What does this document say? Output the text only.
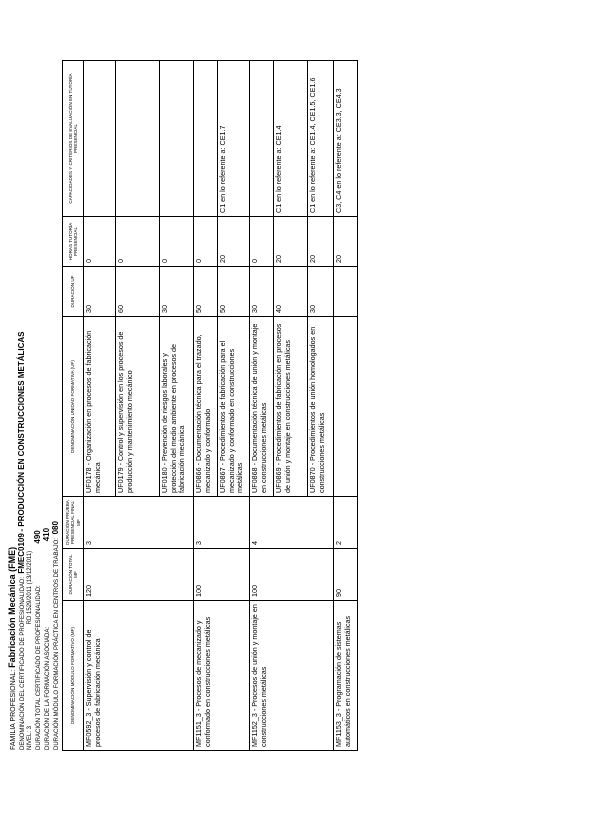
FAMILIA PROFESIONAL: Fabricación Mecánica (FME) DENOMINACIÓN DEL CERTIFICADO DE PROFESIONALIDAD:  FMEC0109 - PRODUCCIÓN EN CONSTRUCCIONES METÁLICAS
NIVEL: 3 RD 1529/2011 (13/12/2011) DURACIÓN TOTAL CERTIFICADO DE PROFESIONALIDAD: 490
DURACIÓN DE LA FORMACIÓN ASOCIADA: 410
DURACIÓN MÓDULO FORMACIÓN PRÁCTICA EN CENTROS DE TRABAJO: 080
DENOMINACIÓN MÓDULO FORMATIVO (MF)	DURACIÓN TOTAL MF	DURACIÓN PRUEBA PRESENCIAL FINAL MF	DENOMINACIÓN UNIDAD FORMATIVA (UF)	DURACIÓN UF	HORAS TUTORÍA PRESENCIAL	CAPACIDADES Y CRITERIOS DE EVALUACIÓN EN TUTORÍA PRESENCIAL
MF0592_3 - Supervisión y control de procesos de fabricación mecánica	120	3	UF0178 - Organización en procesos de fabricación mecánica	30	0	
			UF0179 - Control y supervisión en los procesos de producción y mantenimiento mecánico	60	0	
			UF0180 - Prevención de riesgos laborales y protección del medio ambiente en procesos de fabricación mecánica	30	0	
MF1151_3 - Procesos de mecanizado y conformado en construcciones metálicas	100	3	UF0866 - Documentación técnica para el trazado, mecanizado y conformado	50	0	
			UF0867 - Procedimientos de fabricación para el mecanizado y conformado en construcciones metálicas	50	20	C1 en lo referente a: CE1.7
MF1152_3 - Procesos de unión y montaje en construcciones metálicas	100	4	UF0868 - Documentación técnica de unión y montaje en construcciones metálicas	30	0	
			UF0869 - Procedimientos de fabricación en procesos de unión y montaje en construcciones metálicas	40	20	C1 en lo referente a: CE1.4
			UF0870 - Procedimientos de unión homologados en construcciones metálicas	30	20	C1 en lo referente a: CE1.4, CE1.5, CE1.6
MF1153_3 - Programación de sistemas automáticos en construcciones metálicas	90	2			20	C3, C4 en lo referente a: CE3.3, CE4.3
